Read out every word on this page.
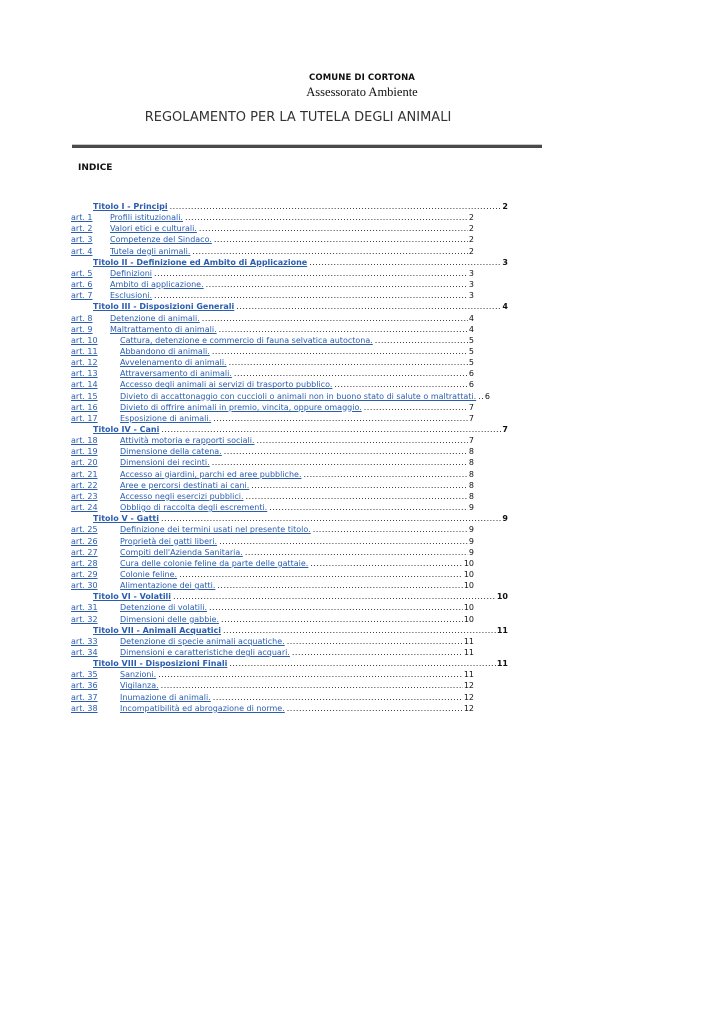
COMUNE DI CORTONA
Assessorato Ambiente
REGOLAMENTO PER LA TUTELA DEGLI ANIMALI
INDICE
Titolo I - Principi .....	2
art. 1 Profili istituzionali. .....	2
art. 2 Valori etici e culturali. .....	2
art. 3 Competenze del Sindaco. .....	2
art. 4 Tutela degli animali. .....	2
Titolo II - Definizione ed Ambito di Applicazione .....	3
art. 5 Definizioni .....	3
art. 6 Ambito di applicazione. .....	3
art. 7 Esclusioni. .....	3
Titolo III - Disposizioni Generali .....	4
art. 8 Detenzione di animali. .....	4
art. 9 Maltrattamento di animali. .....	4
art. 10	Cattura, detenzione e commercio di fauna selvatica autoctona. .....	5
art. 11	Abbandono di animali. .....	5
art. 12	Avvelenamento di animali. .....	5
art. 13	Attraversamento di animali. .....	6
art. 14	Accesso degli animali ai servizi di trasporto pubblico. .....	6
art. 15	Divieto di accattonaggio con cuccioli o animali non in buono stato di salute o maltrattati. ..... 6
art. 16	Divieto di offrire animali in premio, vincita, oppure omaggio. .....	7
art. 17	Esposizione di animali. .....	7
Titolo IV - Cani .....	7
art. 18	Attività motoria e rapporti sociali. .....	7
art. 19	Dimensione della catena. .....	8
art. 20	Dimensioni dei recinti. .....	8
art. 21	Accesso ai giardini, parchi ed aree pubbliche. .....	8
art. 22	Aree e percorsi destinati ai cani. .....	8
art. 23	Accesso negli esercizi pubblici. .....	8
art. 24	Obbligo di raccolta degli escrementi. .....	9
Titolo V - Gatti .....	9
art. 25	Definizione dei termini usati nel presente titolo. .....	9
art. 26	Proprietà dei gatti liberi. .....	9
art. 27	Compiti dell'Azienda Sanitaria. .....	9
art. 28	Cura delle colonie feline da parte delle gattaie. .....	10
art. 29	Colonie feline. .....	10
art. 30	Alimentazione dei gatti. .....	10
Titolo VI - Volatili .....	10
art. 31	Detenzione di volatili. .....	10
art. 32	Dimensioni delle gabbie. .....	10
Titolo VII - Animali Acquatici .....	11
art. 33	Detenzione di specie animali acquatiche. .....	11
art. 34	Dimensioni e caratteristiche degli acquari. .....	11
Titolo VIII - Disposizioni Finali .....	11
art. 35	Sanzioni. .....	11
art. 36	Vigilanza. .....	12
art. 37	Inumazione di animali. .....	12
art. 38	Incompatibilità ed abrogazione di norme. .....	12
